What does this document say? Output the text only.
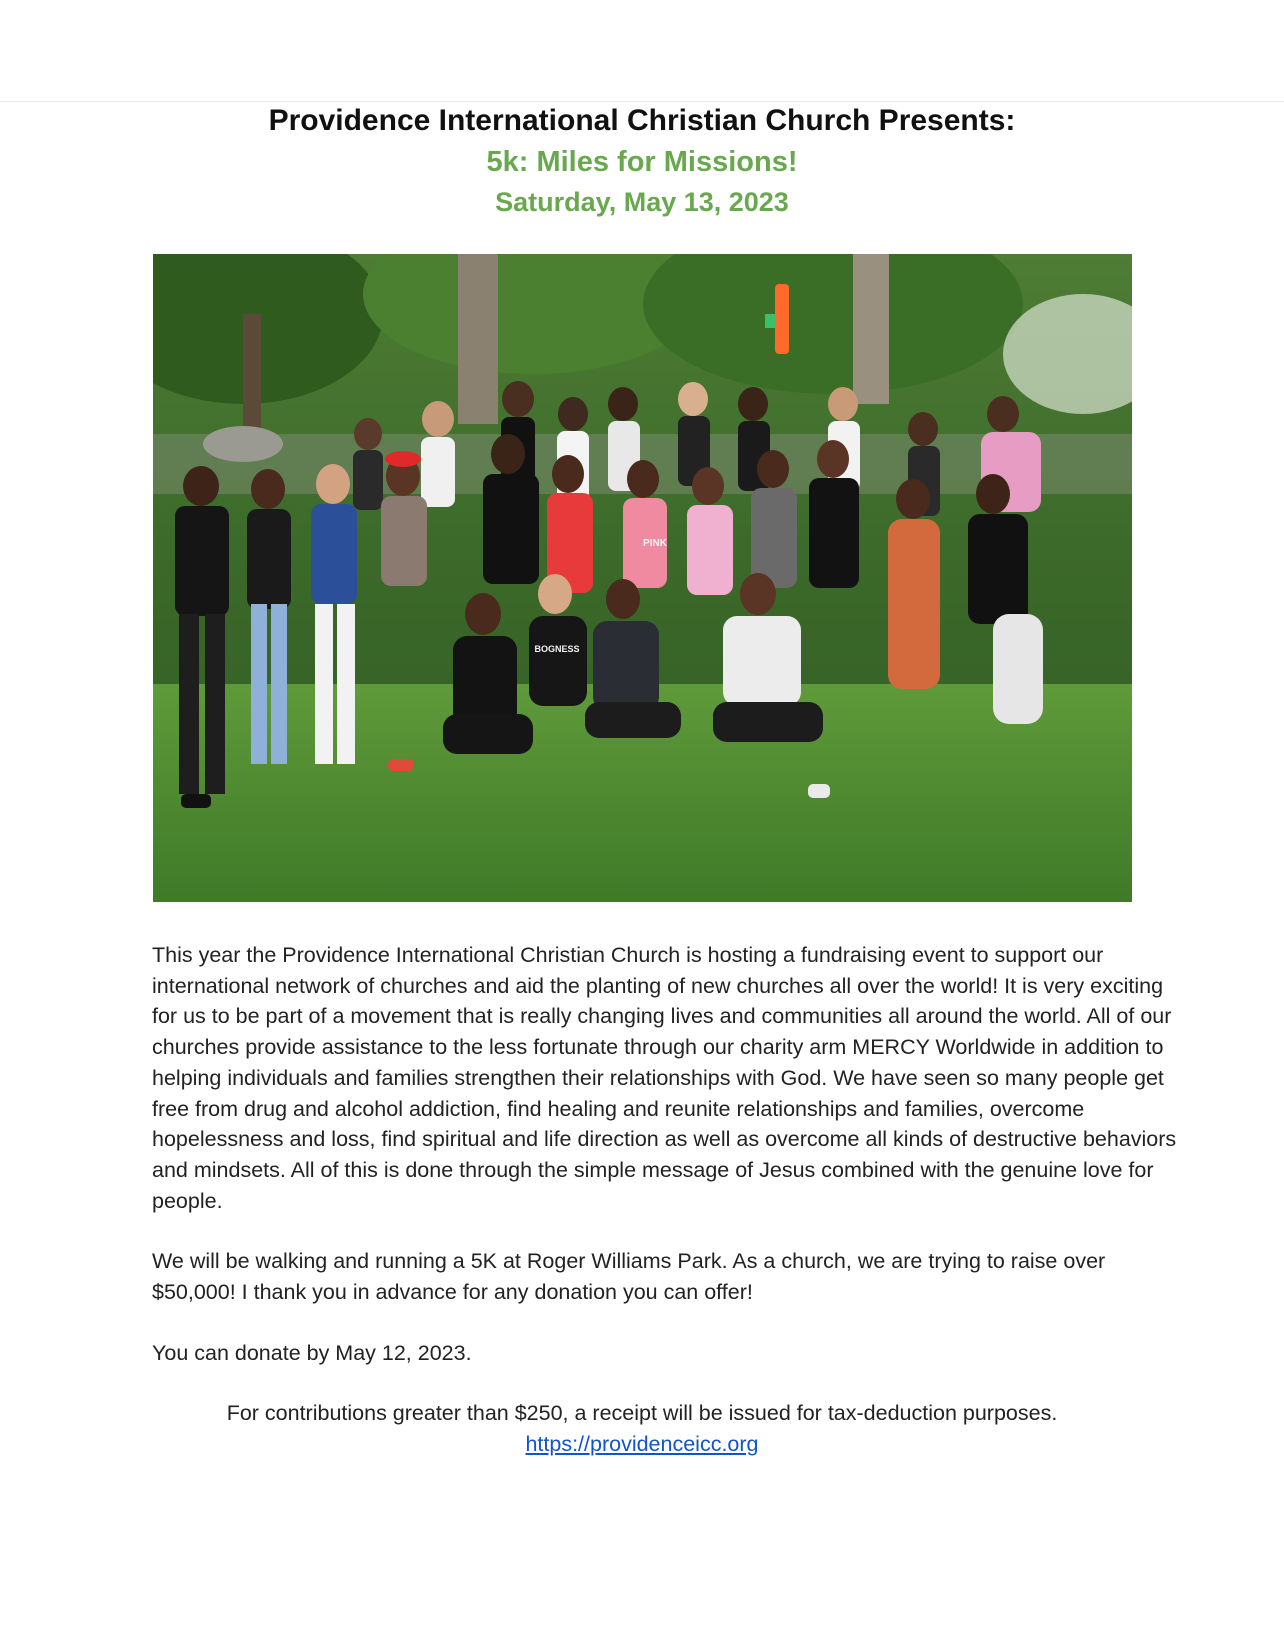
Providence International Christian Church Presents:
5k: Miles for Missions!
Saturday, May 13, 2023
PINK
BOGNESS

This year the Providence International Christian Church is hosting a fundraising event to support our international network of churches and aid the planting of new churches all over the world! It is very exciting for us to be part of a movement that is really changing lives and communities all around the world. All of our churches provide assistance to the less fortunate through our charity arm MERCY Worldwide in addition to helping individuals and families strengthen their relationships with God. We have seen so many people get free from drug and alcohol addiction, find healing and reunite relationships and families, overcome hopelessness and loss, find spiritual and life direction as well as overcome all kinds of destructive behaviors and mindsets. All of this is done through the simple message of Jesus combined with the genuine love for people.

We will be walking and running a 5K at Roger Williams Park. As a church, we are trying to raise over $50,000! I thank you in advance for any donation you can offer!

You can donate by May 12, 2023.

For contributions greater than $250, a receipt will be issued for tax-deduction purposes.
https://providenceicc.org
